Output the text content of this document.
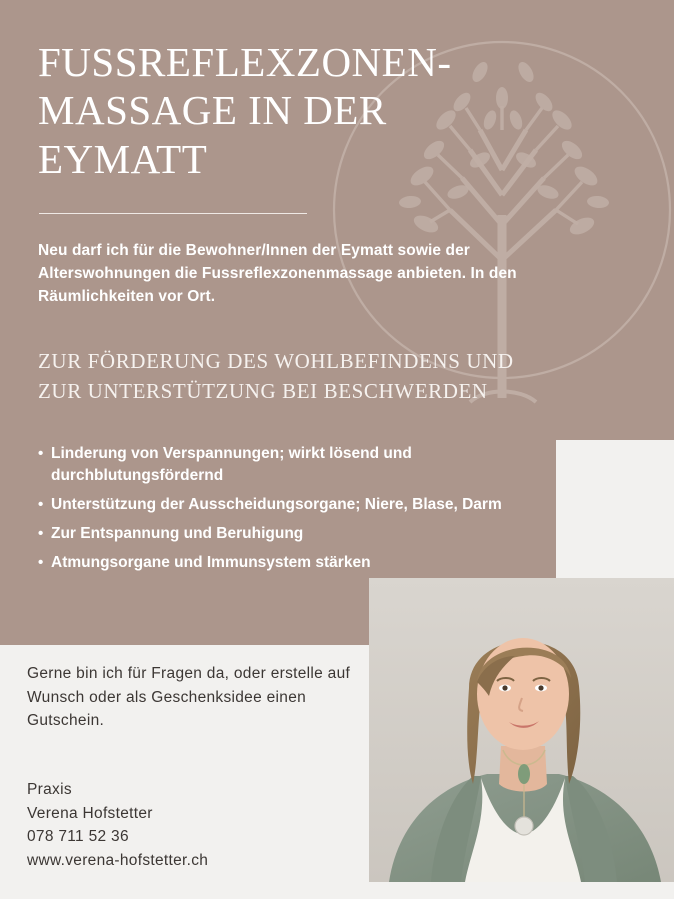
FUSSREFLEXZONEN-MASSAGE IN DER EYMATT
Neu darf ich für die Bewohner/Innen der Eymatt sowie der Alterswohnungen die Fussreflexzonenmassage anbieten. In den Räumlichkeiten vor Ort.
ZUR FÖRDERUNG DES WOHLBEFINDENS UND ZUR UNTERSTÜTZUNG BEI BESCHWERDEN
• Linderung von Verspannungen; wirkt lösend und durchblutungsfördernd
• Unterstützung der Ausscheidungsorgane; Niere, Blase, Darm
• Zur Entspannung und Beruhigung
• Atmungsorgane und Immunsystem stärken
Gerne bin ich für Fragen da, oder erstelle auf Wunsch oder als Geschenksidee einen Gutschein.
Praxis
Verena Hofstetter
078 711 52 36
www.verena-hofstetter.ch
